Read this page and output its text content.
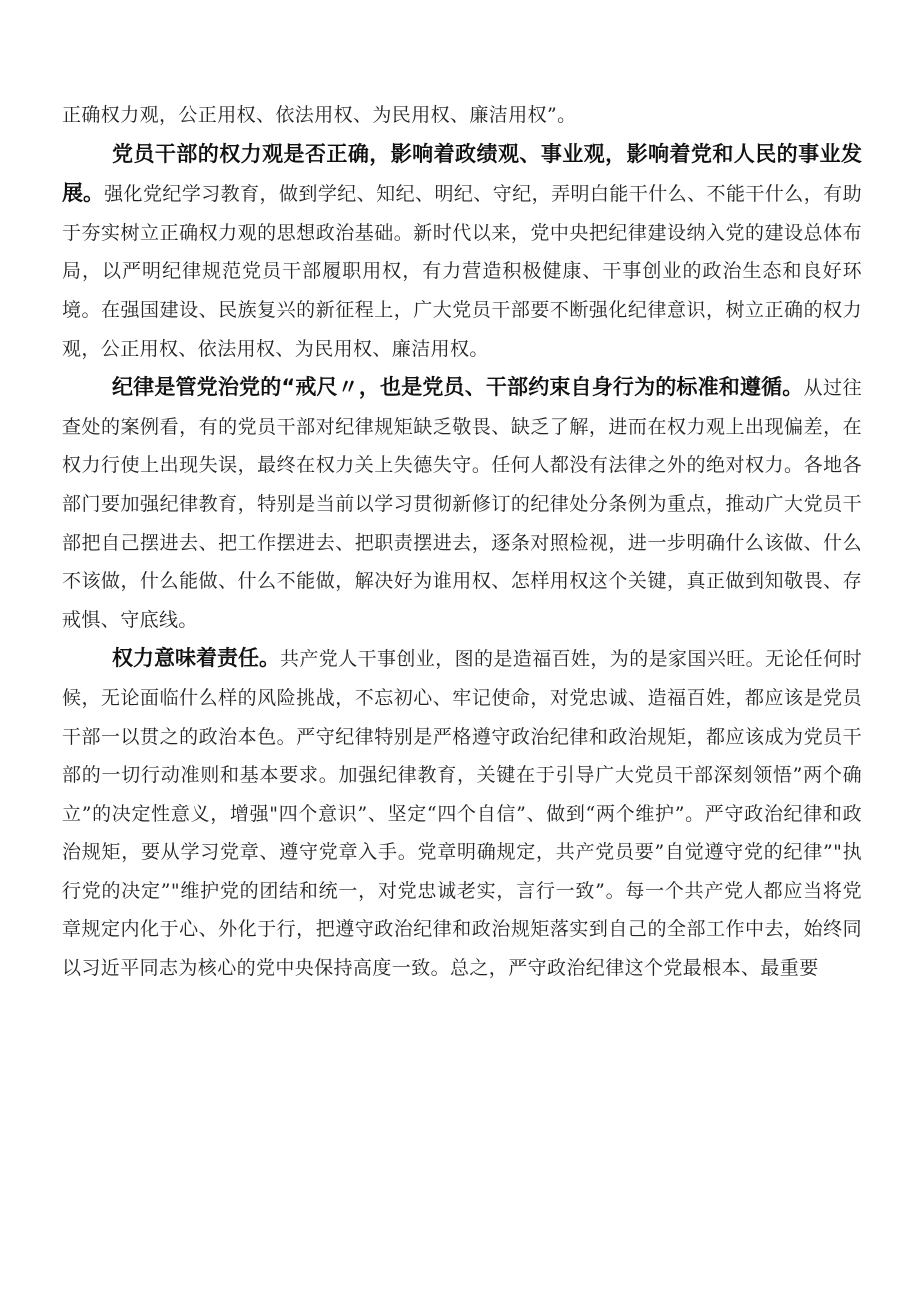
正确权力观，公正用权、依法用权、为民用权、廉洁用权”。

党员干部的权力观是否正确，影响着政绩观、事业观，影响着党和人民的事业发展。强化党纪学习教育，做到学纪、知纪、明纪、守纪，弄明白能干什么、不能干什么，有助于夯实树立正确权力观的思想政治基础。新时代以来，党中央把纪律建设纳入党的建设总体布局，以严明纪律规范党员干部履职用权，有力营造积极健康、干事创业的政治生态和良好环境。在强国建设、民族复兴的新征程上，广大党员干部要不断强化纪律意识，树立正确的权力观，公正用权、依法用权、为民用权、廉洁用权。

纪律是管党治党的“戒尺〃，也是党员、干部约束自身行为的标准和遵循。从过往查处的案例看，有的党员干部对纪律规矩缺乏敬畏、缺乏了解，进而在权力观上出现偏差，在权力行使上出现失误，最终在权力关上失德失守。任何人都没有法律之外的绝对权力。各地各部门要加强纪律教育，特别是当前以学习贯彻新修订的纪律处分条例为重点，推动广大党员干部把自己摆进去、把工作摆进去、把职责摆进去，逐条对照检视，进一步明确什么该做、什么不该做，什么能做、什么不能做，解决好为谁用权、怎样用权这个关键，真正做到知敬畏、存戒惧、守底线。

权力意味着责任。共产党人干事创业，图的是造福百姓，为的是家国兴旺。无论任何时候，无论面临什么样的风险挑战，不忘初心、牢记使命，对党忠诚、造福百姓，都应该是党员干部一以贯之的政治本色。严守纪律特别是严格遵守政治纪律和政治规矩，都应该成为党员干部的一切行动准则和基本要求。加强纪律教育，关键在于引导广大党员干部深刻领悟”两个确立”的决定性意义，增强"四个意识”、坚定“四个自信”、做到“两个维护”。严守政治纪律和政治规矩，要从学习党章、遵守党章入手。党章明确规定，共产党员要”自觉遵守党的纪律”"执行党的决定”"维护党的团结和统一，对党忠诚老实，言行一致”。每一个共产党人都应当将党章规定内化于心、外化于行，把遵守政治纪律和政治规矩落实到自己的全部工作中去，始终同以习近平同志为核心的党中央保持高度一致。总之，严守政治纪律这个党最根本、最重要
